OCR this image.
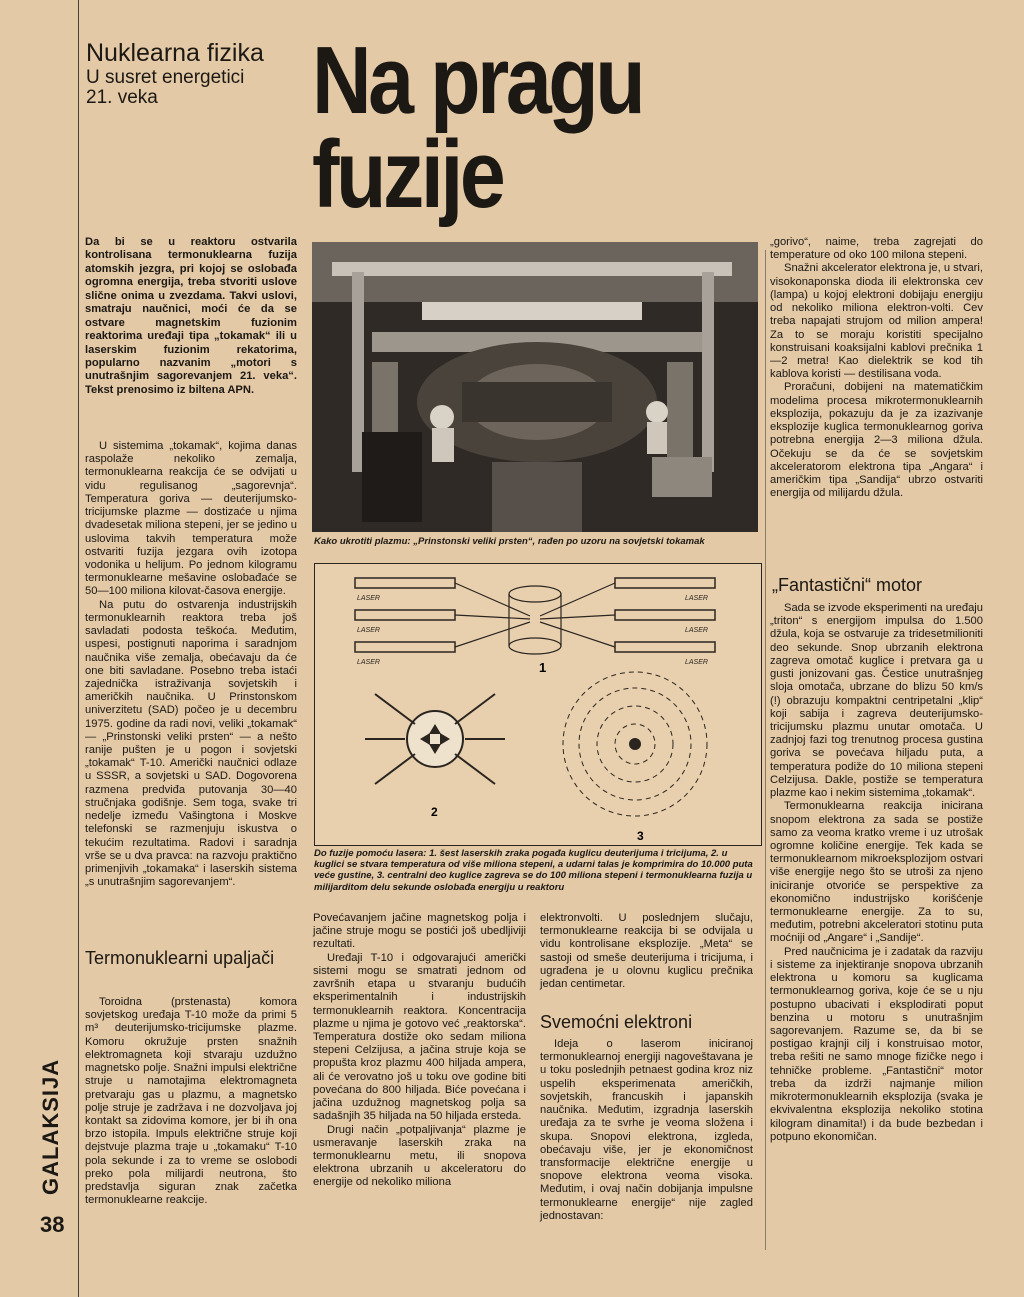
Nuklearna fizika
U susret energetici
21. veka	Na pragu
fuzije
Da bi se u reaktoru ostvarila kontrolisana termonuklearna fuzija atomskih jezgra, pri kojoj se oslobađa ogromna energija, treba stvoriti uslove slične onima u zvezdama. Takvi uslovi, smatraju naučnici, moći će da se ostvare magnetskim fuzionim reaktorima uređaji tipa „tokamak“ ili u laserskim fuzionim rekatorima, popularno nazvanim „motori s unutrašnjim sagorevanjem 21. veka“. Tekst prenosimo iz biltena APN.

U sistemima „tokamak“, kojima danas raspolaže nekoliko zemalja, termonuklearna reakcija će se odvijati u vidu regulisanog „sagorevnja“. Temperatura goriva — deuterijumsko-tricijumske plazme — dostizaće u njima dvadesetak miliona stepeni, jer se jedino u uslovima takvih temperatura može ostvariti fuzija jezgara ovih izotopa vodonika u helijum. Po jednom kilogramu termonuklearne mešavine oslobađaće se 50—100 miliona kilovat-časova energije.

Na putu do ostvarenja industrijskih termonuklearnih reaktora treba još savladati podosta teškoća. Međutim, uspesi, postignuti naporima i saradnjom naučnika više zemalja, obećavaju da će one biti savladane. Posebno treba istaći zajednička istraživanja sovjetskih i američkih naučnika. U Prinstonskom univerzitetu (SAD) počeo je u decembru 1975. godine da radi novi, veliki „tokamak“ — „Prinstonski veliki prsten“ — a nešto ranije pušten je u pogon i sovjetski „tokamak“ T-10. Američki naučnici odlaze u SSSR, a sovjetski u SAD. Dogovorena razmena predviđa putovanja 30—40 stručnjaka godišnje. Sem toga, svake tri nedelje između Vašingtona i Moskve telefonski se razmenjuju iskustva o tekućim rezultatima. Radovi i saradnja vrše se u dva pravca: na razvoju praktično primenjivih „tokamaka“ i laserskih sistema „s unutrašnjim sagorevanjem“.

Termonuklearni upaljači

Toroidna (prstenasta) komora sovjetskog uređaja T-10 može da primi 5 m³ deuterijumsko-tricijumske plazme. Komoru okružuje prsten snažnih elektromagneta koji stvaraju uzdužno magnetsko polje. Snažni impulsi električne struje u namotajima elektromagneta pretvaraju gas u plazmu, a magnetsko polje struje je zadržava i ne dozvoljava joj kontakt sa zidovima komore, jer bi ih ona brzo istopila. Impuls električne struje koji dejstvuje plazma traje u „tokamaku“ T-10 pola sekunde i za to vreme se oslobodi preko pola milijardi neutrona, što predstavlja siguran znak začetka termonuklearne reakcije.

Kako ukrotiti plazmu: „Prinstonski veliki prsten“, rađen po uzoru na sovjetski tokamak
LASER
LASER
LASER
LASER
LASER
LASER
1
2
3
Do fuzije pomoću lasera: 1. šest laserskih zraka pogađa kuglicu deuterijuma i tricijuma, 2. u kuglici se stvara temperatura od više miliona stepeni, a udarni talas je komprimira do 10.000 puta veće gustine, 3. centralni deo kuglice zagreva se do 100 miliona stepeni i termonuklearna fuzija u milijarditom delu sekunde oslobađa energiju u reaktoru

Povećavanjem jačine magnetskog polja i jačine struje mogu se postići još ubedljiviji rezultati.

Uređaji T-10 i odgovarajući američki sistemi mogu se smatrati jednom od završnih etapa u stvaranju budućih eksperimentalnih i industrijskih termonuklearnih reaktora. Koncentracija plazme u njima je gotovo već „reaktorska“. Temperatura dostiže oko sedam miliona stepeni Celzijusa, a jačina struje koja se propušta kroz plazmu 400 hiljada ampera, ali će verovatno još u toku ove godine biti povećana do 800 hiljada. Biće povećana i jačina uzdužnog magnetskog polja sa sadašnjih 35 hiljada na 50 hiljada ersteda.

Drugi način „potpaljivanja“ plazme je usmeravanje laserskih zraka na termonuklearnu metu, ili snopova elektrona ubrzanih u akceleratoru do energije od nekoliko miliona

elektronvolti. U poslednjem slučaju, termonuklearne reakcija bi se odvijala u vidu kontrolisane eksplozije. „Meta“ se sastoji od smeše deuterijuma i tricijuma, i ugrađena je u olovnu kuglicu prečnika jedan centimetar.

Svemoćni elektroni

Ideja o laserom iniciranoj termonuklearnoj energiji nagoveštavana je u toku poslednjih petnaest godina kroz niz uspelih eksperimenata američkih, sovjetskih, francuskih i japanskih naučnika. Međutim, izgradnja laserskih uređaja za te svrhe je veoma složena i skupa. Snopovi elektrona, izgleda, obećavaju više, jer je ekonomičnost transformacije električne energije u snopove elektrona veoma visoka. Međutim, i ovaj način dobijanja impulsne termonuklearne energije“ nije zagled jednostavan:

„gorivo“, naime, treba zagrejati do temperature od oko 100 milona stepeni.

Snažni akcelerator elektrona je, u stvari, visokonaponska dioda ili elektronska cev (lampa) u kojoj elektroni dobijaju energiju od nekoliko miliona elektron-volti. Cev treba napajati strujom od milion ampera! Za to se moraju koristiti specijalno konstruisani koaksijalni kablovi prečnika 1—2 metra! Kao dielektrik se kod tih kablova koristi — destilisana voda.

Proračuni, dobijeni na matematičkim modelima procesa mikrotermonuklearnih eksplozija, pokazuju da je za izazivanje eksplozije kuglica termonuklearnog goriva potrebna energija 2—3 miliona džula. Očekuju se da će se sovjetskim akceleratorom elektrona tipa „Angara“ i američkim tipa „Sandija“ ubrzo ostvariti energija od milijardu džula.

„Fantastični“ motor

Sada se izvode eksperimenti na uređaju „triton“ s energijom impulsa do 1.500 džula, koja se ostvaruje za tridesetmilioniti deo sekunde. Snop ubrzanih elektrona zagreva omotač kuglice i pretvara ga u gusti jonizovani gas. Čestice unutrašnjeg sloja omotača, ubrzane do blizu 50 km/s (!) obrazuju kompaktni centripetalni „klip“ koji sabija i zagreva deuterijumsko-tricijumsku plazmu unutar omotača. U zadnjoj fazi tog trenutnog procesa gustina goriva se povećava hiljadu puta, a temperatura podiže do 10 miliona stepeni Celzijusa. Dakle, postiže se temperatura plazme kao i nekim sistemima „tokamak“.

Termonuklearna reakcija inicirana snopom elektrona za sada se postiže samo za veoma kratko vreme i uz utrošak ogromne količine energije. Tek kada se termonuklearnom mikroeksplozijom ostvari više energije nego što se utroši za njeno iniciranje otvoriće se perspektive za ekonomično industrijsko korišćenje termonuklearne energije. Za to su, međutim, potrebni akceleratori stotinu puta moćniji od „Angare“ i „Sandije“.

Pred naučnicima je i zadatak da razviju i sisteme za injektiranje snopova ubrzanih elektrona u komoru sa kuglicama termonuklearnog goriva, koje će se u nju postupno ubacivati i eksplodirati poput benzina u motoru s unutrašnjim sagorevanjem. Razume se, da bi se postigao krajnji cilj i konstruisao motor, treba rešiti ne samo mnoge fizičke nego i tehničke probleme. „Fantastični“ motor treba da izdrži najmanje milion mikrotermonuklearnih eksplozija (svaka je ekvivalentna eksplozija nekoliko stotina kilogram dinamita!) i da bude bezbedan i potpuno ekonomičan.

GALAKSIJA
38
